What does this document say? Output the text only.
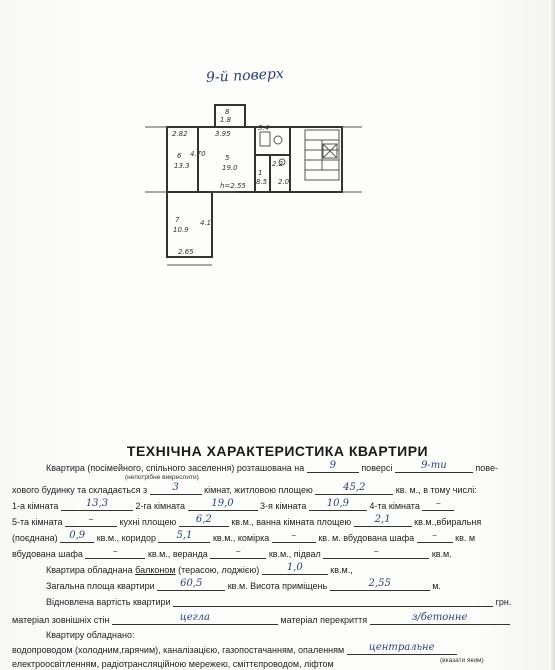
9-й поверх
8
1.8
2.82	3.95
3.4
6
13.3
4.70	5
19.0
1
8.5
2.2
2.0
h=2.55
7
10.9
4.1
2.65
ТЕХНІЧНА ХАРАКТЕРИСТИКА КВАРТИРИ
Квартира (посімейного, спільного заселення) розташована на	9	поверсі	9-ти	пове-
(непотрібне викреслити)
хового будинку та складається з	3	кімнат, житловою площею	45,2	кв. м., в тому числі:
1-а кімната	13,3	2-га кімната	19,0	3-я кімната 10,9 4-та кімната –
5-та кімната	–	кухні площею 6,2 кв.м., ванна кімната площею 2,1	кв.м.,вбиральня
(поєднана) 0,9 кв.м., коридор 5,1 кв.м., комірка – кв. м. вбудована шафа – кв. м
вбудована шафа	–	кв.м., веранда	–	кв.м., підвал	–	кв.м.
Квартира обладнана балконом (терасою, лоджією)	1,0	кв.м.,
Загальна площа квартири	60,5	кв.м. Висота приміщень	2,55	м.
Відновлена вартість квартири	грн.
матеріал зовнішніх стін	цегла	матеріал перекриття	з/бетонне
Квартиру обладнано:
водопроводом (холодним,гарячим), каналізацією, газопостачанням, опаленням центральне
(вказати яким)
електроосвітленням, радіотрансляційною мережею, сміттєпроводом, ліфтом
